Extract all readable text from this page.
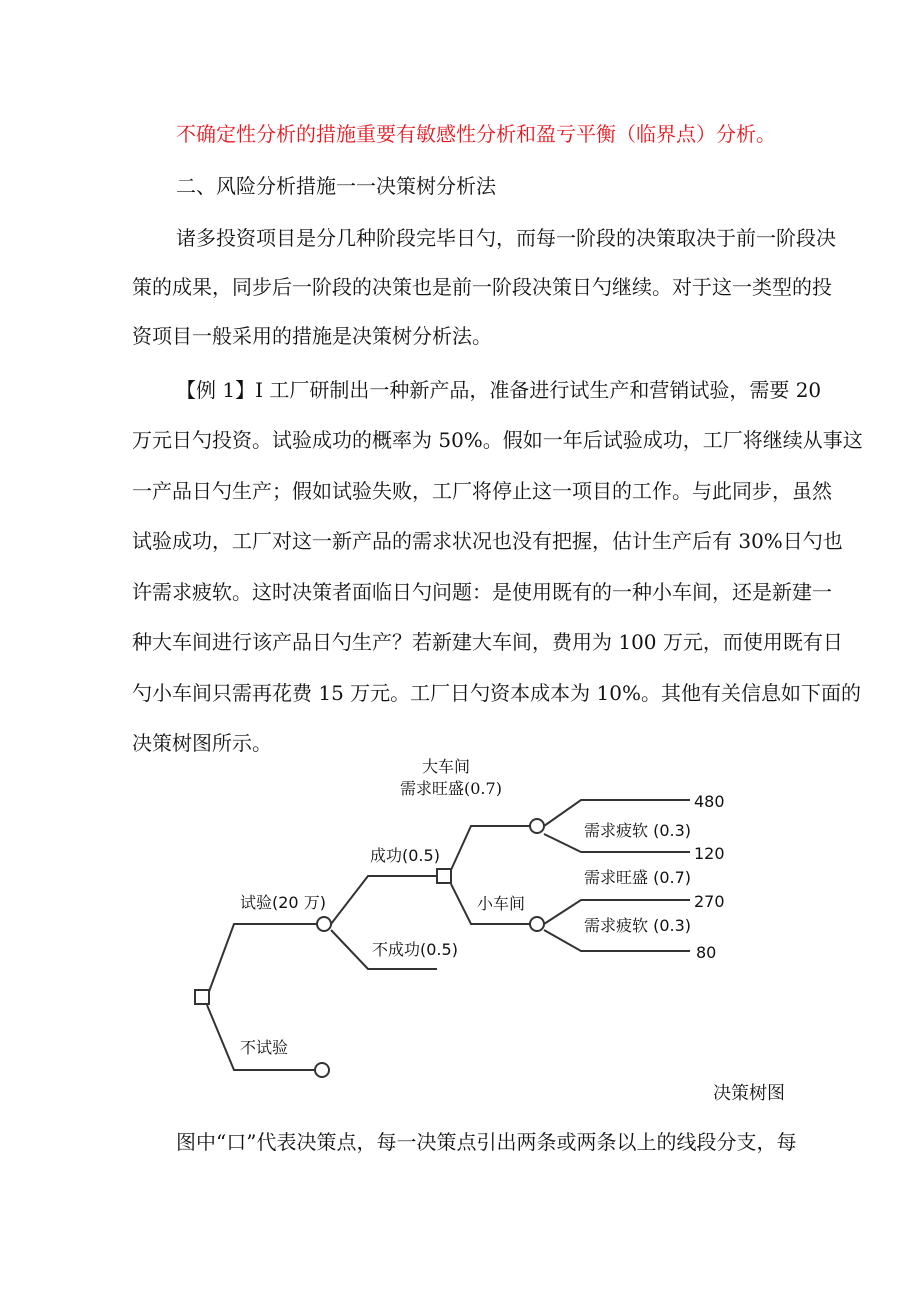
不确定性分析的措施重要有敏感性分析和盈亏平衡（临界点）分析。
二、风险分析措施一一决策树分析法
诸多投资项目是分几种阶段完毕日勺，而每一阶段的决策取决于前一阶段决
策的成果，同步后一阶段的决策也是前一阶段决策日勺继续。对于这一类型的投
资项目一般采用的措施是决策树分析法。
【例 1】I 工厂研制出一种新产品，准备进行试生产和营销试验，需要 20
万元日勺投资。试验成功的概率为 50%。假如一年后试验成功，工厂将继续从事这
一产品日勺生产；假如试验失败，工厂将停止这一项目的工作。与此同步，虽然
试验成功，工厂对这一新产品的需求状况也没有把握，估计生产后有 30%日勺也
许需求疲软。这时决策者面临日勺问题：是使用既有的一种小车间，还是新建一
种大车间进行该产品日勺生产？若新建大车间，费用为 100 万元，而使用既有日
勺小车间只需再花费 15 万元。工厂日勺资本成本为 10%。其他有关信息如下面的
决策树图所示。
大车间
需求旺盛(0.7)
480
需求疲软 (0.3)
120
成功(0.5)
需求旺盛 (0.7)
小车间	270
试验(20 万)
需求疲软 (0.3)
80
不成功(0.5)
不试验
决策树图
图中“口”代表决策点，每一决策点引出两条或两条以上的线段分支，每
